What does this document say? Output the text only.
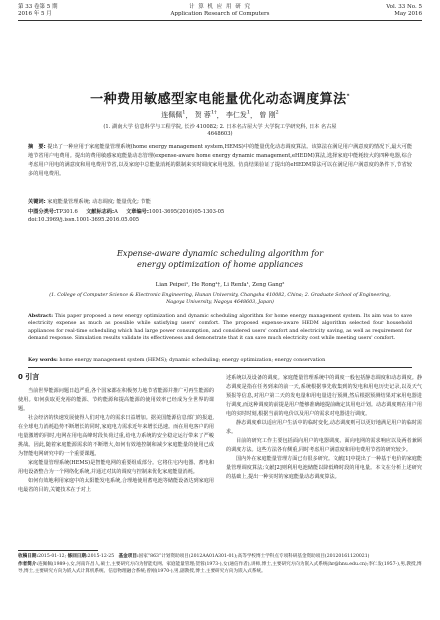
第 33 卷第 5 期
2016 年 5 月
计 算 机 应 用 研 究
Application Research of Computers
Vol. 33 No. 5
May 2016
一种费用敏感型家电能量优化动态调度算法*
连佩佩$^1$， 贺 蓉$^{1\dagger}$， 李仁发$^1$， 曾 刚$^2$
(1. 湖南大学 信息科学与工程学院, 长沙 410082; 2. 日本名古屋大学 大学院工学研究科, 日本 名古屋
4648603)
摘　要: 提出了一种应用于家庭能量管理系统(home energy management system,HEMS)中的能量优化动态调度算法。该算法在满足用户满意度的情况下,最大可能地节省用户电费用。提出的费用敏感家庭能量动态管理(expense-aware home energy dynamic management,eHEDM)算法,选择家庭中能耗较大的四种电器,综合考虑用户用电的满意度和用电费用节省,以及家庭中总能量消耗的限制来实时调度家用电器。仿真结果验证了提出的eHEDM算法可以在满足用户满意度的条件下,节省较多的用电费用。
关键词: 家庭能量管理系统; 动态调度; 能量优化; 节能
中图分类号:TP301.6 文献标志码:A 文章编号:1001-3695(2016)05-1303-05
doi:10.3969/j.issn.1001-3695.2016.05.005
Expense-aware dynamic scheduling algorithm for
energy optimization of home appliances
Lian Peipei¹, He Rong¹†, Li Renfa¹, Zeng Gang²
(1. College of Computer Science & Electronic Engineering, Hunan University, Changsha 410082, China; 2. Graduate School of Engineering,
Nagoya University, Nagoya 4648603, Japan)
Abstract: This paper proposed a new energy optimization and dynamic scheduling algorithm for home energy management system. Its aim was to save electricity expense as much as possible while satisfying users' comfort. The proposed expense-aware HEDM algorithm selected four household appliances for real-time scheduling which had large power consumption, and considered users' comfort and electricity saving, as well as requirement for demand response. Simulation results validate its effectiveness and demonstrate that it can save much electricity cost while meeting users' comfort.
Key words: home energy management system (HEMS); dynamic scheduling; energy optimization; energy conservation
0 引言

当前世界能源问题日趋严重,各个国家都在积极努力地节省能源并推广可再生能源的使用。如何获取更充裕的能源、节约能源和提高能源的使用效率已经成为全世界的课题。

社会经济的快速发展使得人们对电力的需求日益增加。据美国能源信息部门的报道,在全球电力消耗趋势不断增长的同时,家庭电力需求近年来增长迅速。而在用电客户的用电量激增的同时,电网在用电高峰时段负荷过重,给电力系统的安全稳定运行带来了严峻挑战。因此,随着家庭能源需求的不断增大,如何有效地控制和减少家庭能量的使用已成为智能电网研究中的一个重要课题。

家庭能量管理系统(HEMS)是智能电网的重要组成部分。它将住宅内电器、蓄电和用电设备整合为一个网络化系统,并通过对其的调度与控制来优化家庭能量消耗。

如何有效地利用家庭中的太阳能发电系统,合理地使用蓄电池等储能设备达到家庭用电最省的目的,关键技术在于对上

述系统以及设备的调度。家庭能量管理系统中的调度一般包括静态调度和动态调度。静态调度是指在任务到来的前一天,系统根据事先收集到的发电和用电历史记录,以及天气预报等信息,对用户第二天的发电量和用电量进行预测,然后根据预测结果对家用电器进行调度,而这种调度的前提是用户能够准确地提前确定其用电计划。动态调度则在用户用电的实时时刻,根据当前的电价以及用户的需求对电器进行调度。

静态调度难以适应用户生活中的临时变化,动态调度则可以更好地满足用户的临时需求。

目前的研究工作主要包括面向用户的电器调度、面向电网的需求响应以及两者兼顾的调度方法。这些方法各有侧重,同时考虑用户满意度和用电费用节省的研究较少。

国内外在家庭能量管理方面已有很多研究。文献[1]中提出了一种基于电价的家庭能量管理调度算法;文献[2]则利用电池储能以降低峰时段的用电量。本文在分析上述研究的基础上,提出一种实时的家庭能量动态调度算法。

收稿日期:2015-01-12; 修回日期:2015-12-25 基金项目:国家“863”计划资助项目(2012AA01A301-01);高等学校博士学科点专项科研基金资助项目(20120161120021)
作者简介:连佩佩(1989-),女,河南许昌人,硕士,主要研究方向为智能电网、家庭能量管理;贺蓉(1973-),女(通信作者),讲师,博士,主要研究方向为嵌入式系统(hr@hnu.edu.cn);李仁发(1957-),男,教授,博导,博士,主要研究方向为嵌入式计算机系统、信息物理融合系统;曾刚(1970-),男,副教授,博士,主要研究方向为嵌入式系统。
